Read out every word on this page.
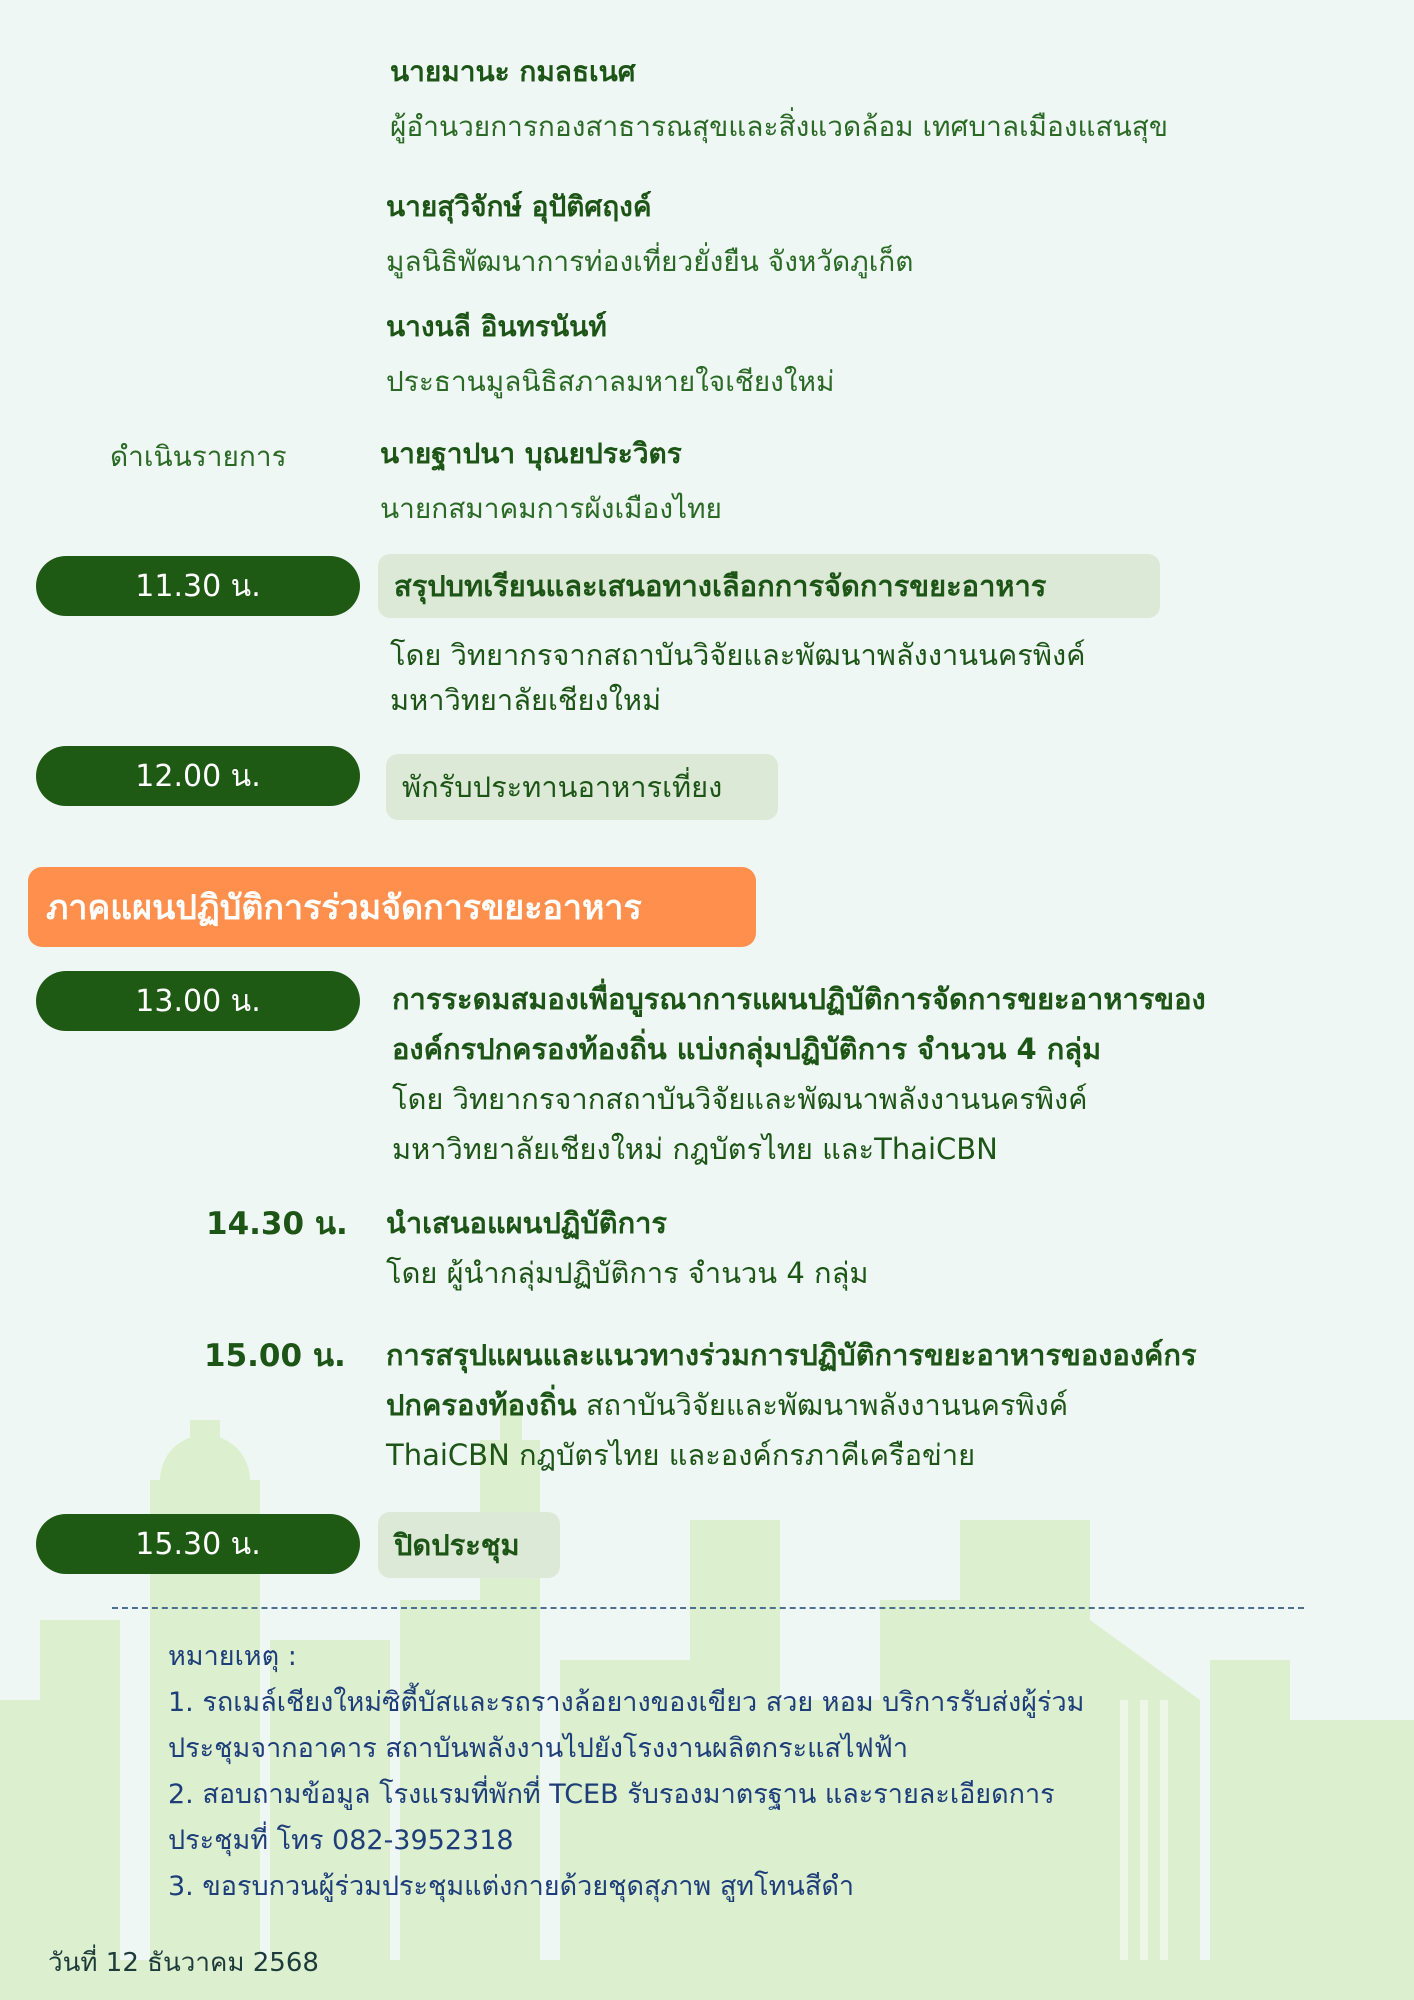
นายมานะ กมลธเนศ
ผู้อำนวยการกองสาธารณสุขและสิ่งแวดล้อม เทศบาลเมืองแสนสุข
นายสุวิจักษ์ อุปัติศฤงค์
มูลนิธิพัฒนาการท่องเที่ยวยั่งยืน จังหวัดภูเก็ต
นางนลี อินทรนันท์
ประธานมูลนิธิสภาลมหายใจเชียงใหม่
ดำเนินรายการ	นายฐาปนา บุณยประวิตร
นายกสมาคมการผังเมืองไทย
11.30 น.	สรุปบทเรียนและเสนอทางเลือกการจัดการขยะอาหาร
โดย วิทยากรจากสถาบันวิจัยและพัฒนาพลังงานนครพิงค์
มหาวิทยาลัยเชียงใหม่
12.00 น.	พักรับประทานอาหารเที่ยง
ภาคแผนปฏิบัติการร่วมจัดการขยะอาหาร
13.00 น.	การระดมสมองเพื่อบูรณาการแผนปฏิบัติการจัดการขยะอาหารของ
องค์กรปกครองท้องถิ่น แบ่งกลุ่มปฏิบัติการ จำนวน 4 กลุ่ม
โดย วิทยากรจากสถาบันวิจัยและพัฒนาพลังงานนครพิงค์
มหาวิทยาลัยเชียงใหม่ กฎบัตรไทย และThaiCBN
14.30 น. นำเสนอแผนปฏิบัติการ
โดย ผู้นำกลุ่มปฏิบัติการ จำนวน 4 กลุ่ม
15.00 น. การสรุปแผนและแนวทางร่วมการปฏิบัติการขยะอาหารขององค์กร
ปกครองท้องถิ่น สถาบันวิจัยและพัฒนาพลังงานนครพิงค์
ThaiCBN กฎบัตรไทย และองค์กรภาคีเครือข่าย
15.30 น.	ปิดประชุม
หมายเหตุ :
1. รถเมล์เชียงใหม่ซิตี้บัสและรถรางล้อยางของเขียว สวย หอม บริการรับส่งผู้ร่วม
ประชุมจากอาคาร สถาบันพลังงานไปยังโรงงานผลิตกระแสไฟฟ้า
2. สอบถามข้อมูล โรงแรมที่พักที่ TCEB รับรองมาตรฐาน และรายละเอียดการ
ประชุมที่ โทร 082-3952318
3. ขอรบกวนผู้ร่วมประชุมแต่งกายด้วยชุดสุภาพ สูทโทนสีดำ
วันที่ 12 ธันวาคม 2568
